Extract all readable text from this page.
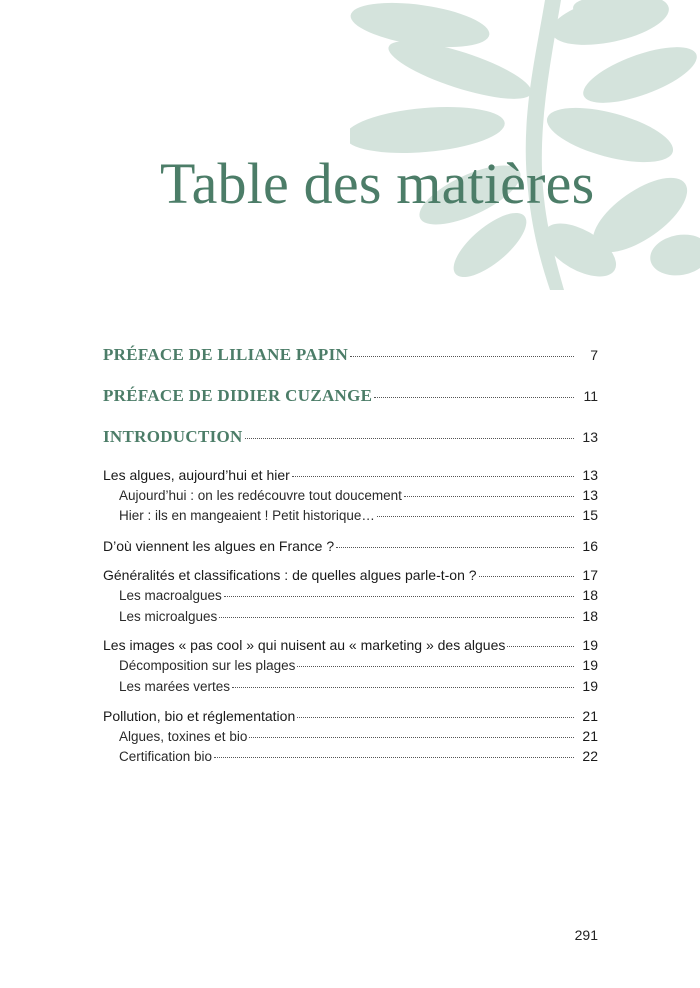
Table des matières
PRÉFACE DE LILIANE PAPIN	7
PRÉFACE DE DIDIER CUZANGE	11
INTRODUCTION	13
Les algues, aujourd’hui et hier	13
Aujourd’hui : on les redécouvre tout doucement	13
Hier : ils en mangeaient ! Petit historique…	15
D’où viennent les algues en France ?	16
Généralités et classifications : de quelles algues parle-t-on ?	17
Les macroalgues	18
Les microalgues	18
Les images « pas cool » qui nuisent au « marketing » des algues	19
Décomposition sur les plages	19
Les marées vertes	19
Pollution, bio et réglementation	21
Algues, toxines et bio	21
Certification bio	22
291
